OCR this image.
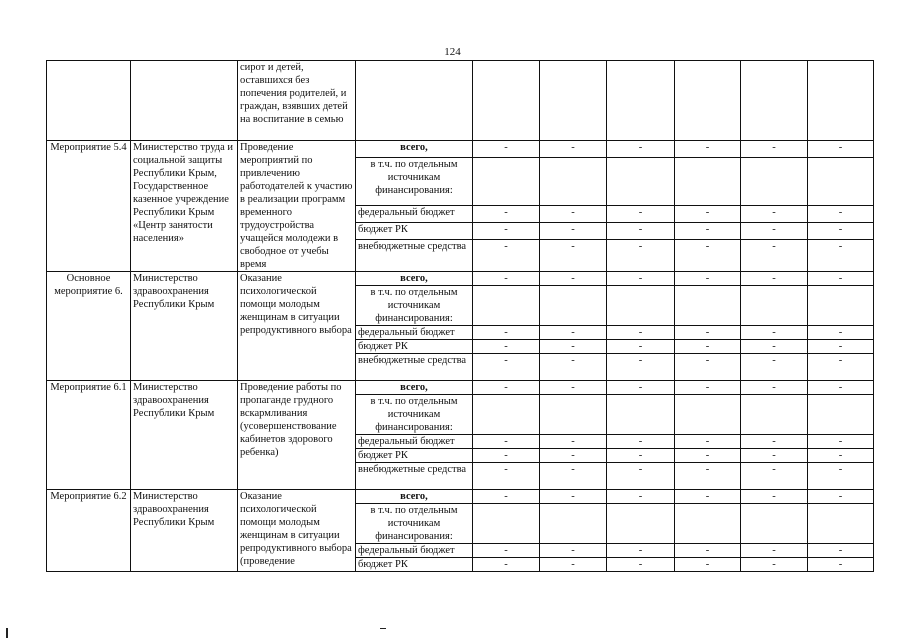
124
		сирот и детей, оставшихся без попечения родителей, и граждан, взявших детей на воспитание в семью							
Мероприятие 5.4	Министерство труда и социальной защиты Республики Крым, Государственное казенное учреждение Республики Крым «Центр занятости населения»	Проведение мероприятий по привлечению работодателей к участию в реализации программ временного трудоустройства учащейся молодежи в свободное от учебы время	всего,	-	-	-	-	-	-
			в т.ч. по отдельным источникам финансирования:						
			федеральный бюджет	-	-	-	-	-	-
			бюджет РК	-	-	-	-	-	-
			внебюджетные средства	-	-	-	-	-	-
Основное мероприятие 6.	Министерство здравоохранения Республики Крым	Оказание психологической помощи молодым женщинам в ситуации репродуктивного выбора	всего,	-	-	-	-	-	-
			в т.ч. по отдельным источникам финансирования:						
			федеральный бюджет	-	-	-	-	-	-
			бюджет РК	-	-	-	-	-	-
			внебюджетные средства	-	-	-	-	-	-
Мероприятие 6.1	Министерство здравоохранения Республики Крым	Проведение работы по пропаганде грудного вскармливания (усовершенствование кабинетов здорового ребенка)	всего,	-	-	-	-	-	-
			в т.ч. по отдельным источникам финансирования:						
			федеральный бюджет	-	-	-	-	-	-
			бюджет РК	-	-	-	-	-	-
			внебюджетные средства	-	-	-	-	-	-
Мероприятие 6.2	Министерство здравоохранения Республики Крым	Оказание психологической помощи молодым женщинам в ситуации репродуктивного выбора (проведение	всего,	-	-	-	-	-	-
			в т.ч. по отдельным источникам финансирования:						
			федеральный бюджет	-	-	-	-	-	-
			бюджет РК	-	-	-	-	-	-
